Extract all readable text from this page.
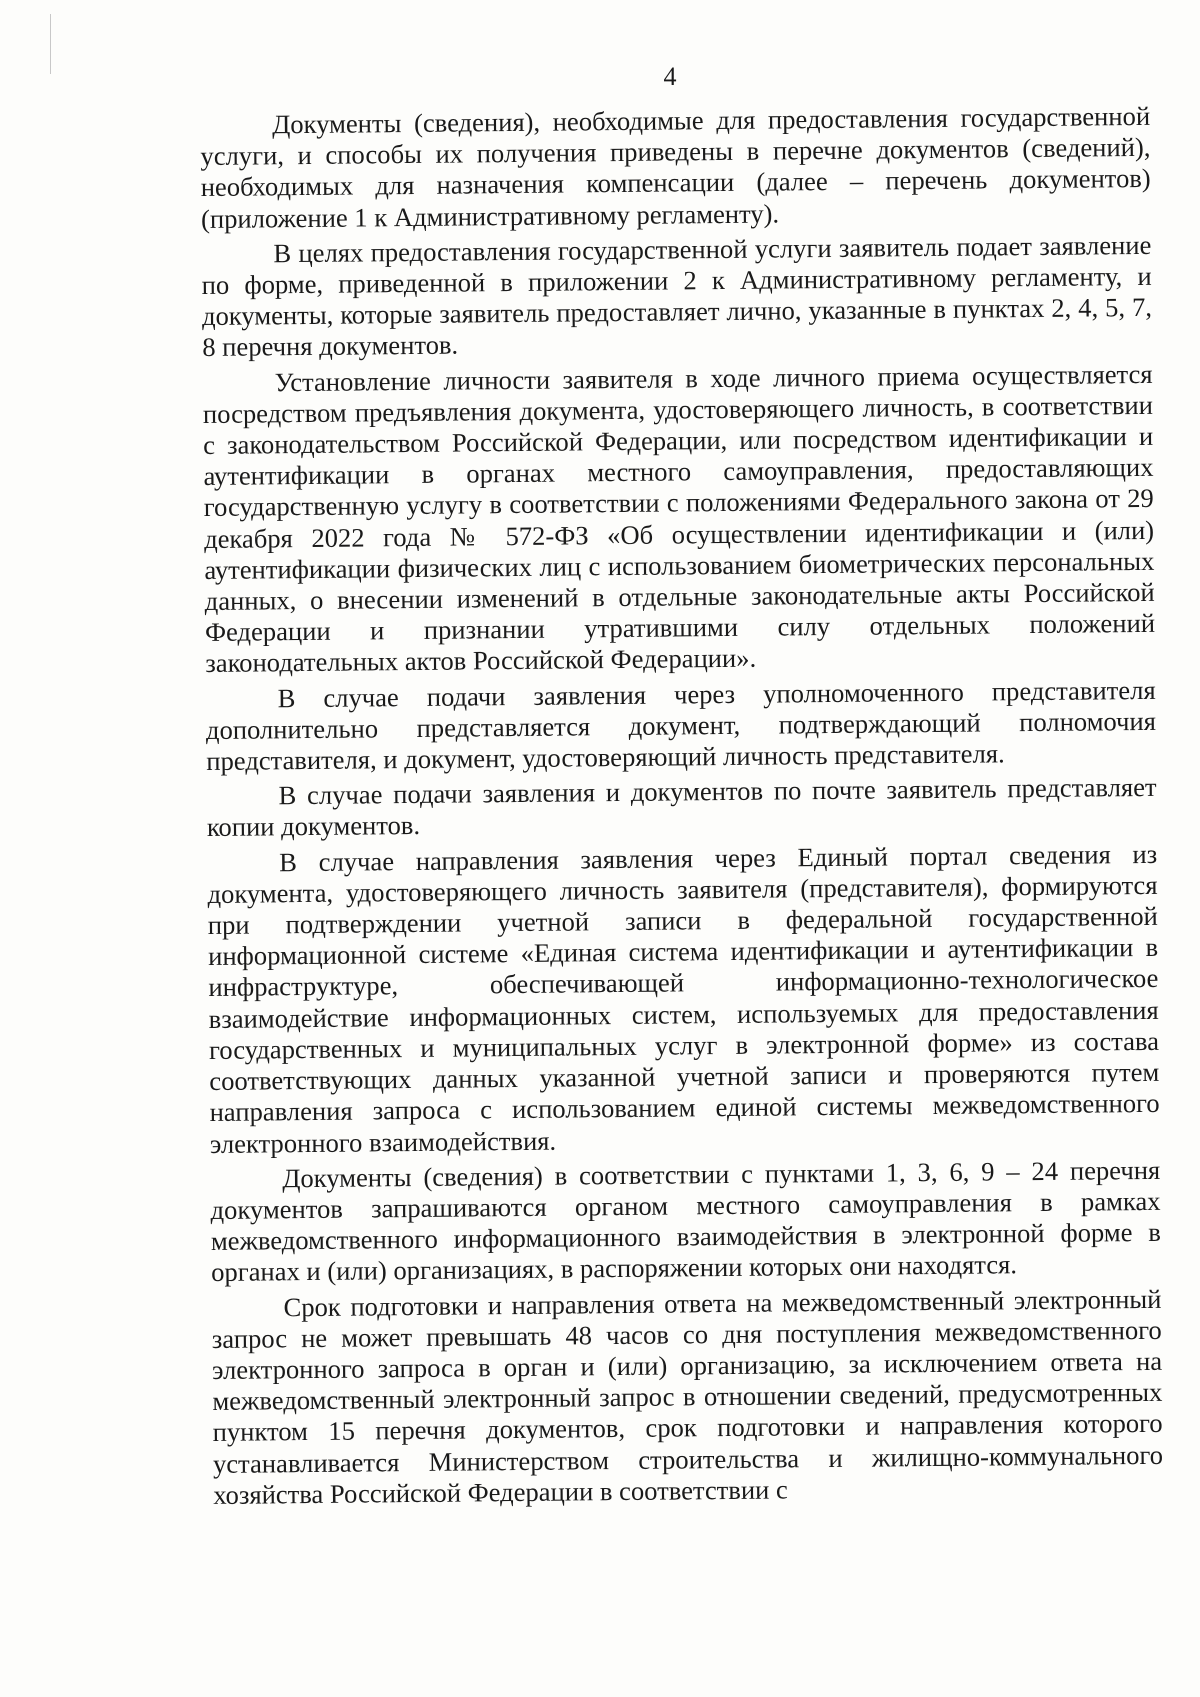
4

Документы (сведения), необходимые для предоставления государственной услуги, и способы их получения приведены в перечне документов (сведений), необходимых для назначения компенсации (далее – перечень документов) (приложение 1 к Административному регламенту).

В целях предоставления государственной услуги заявитель подает заявление по форме, приведенной в приложении 2 к Административному регламенту, и документы, которые заявитель предоставляет лично, указанные в пунктах 2, 4, 5, 7, 8 перечня документов.

Установление личности заявителя в ходе личного приема осуществляется посредством предъявления документа, удостоверяющего личность, в соответствии с законодательством Российской Федерации, или посредством идентификации и аутентификации в органах местного самоуправления, предоставляющих государственную услугу в соответствии с положениями Федерального закона от 29 декабря 2022 года № 572-ФЗ «Об осуществлении идентификации и (или) аутентификации физических лиц с использованием биометрических персональных данных, о внесении изменений в отдельные законодательные акты Российской Федерации и признании утратившими силу отдельных положений законодательных актов Российской Федерации».

В случае подачи заявления через уполномоченного представителя дополнительно представляется документ, подтверждающий полномочия представителя, и документ, удостоверяющий личность представителя.

В случае подачи заявления и документов по почте заявитель представляет копии документов.

В случае направления заявления через Единый портал сведения из документа, удостоверяющего личность заявителя (представителя), формируются при подтверждении учетной записи в федеральной государственной информационной системе «Единая система идентификации и аутентификации в инфраструктуре, обеспечивающей информационно-технологическое взаимодействие информационных систем, используемых для предоставления государственных и муниципальных услуг в электронной форме» из состава соответствующих данных указанной учетной записи и проверяются путем направления запроса с использованием единой системы межведомственного электронного взаимодействия.

Документы (сведения) в соответствии с пунктами 1, 3, 6, 9 – 24 перечня документов запрашиваются органом местного самоуправления в рамках межведомственного информационного взаимодействия в электронной форме в органах и (или) организациях, в распоряжении которых они находятся.

Срок подготовки и направления ответа на межведомственный электронный запрос не может превышать 48 часов со дня поступления межведомственного электронного запроса в орган и (или) организацию, за исключением ответа на межведомственный электронный запрос в отношении сведений, предусмотренных пунктом 15 перечня документов, срок подготовки и направления которого устанавливается Министерством строительства и жилищно-коммунального хозяйства Российской Федерации в соответствии с
